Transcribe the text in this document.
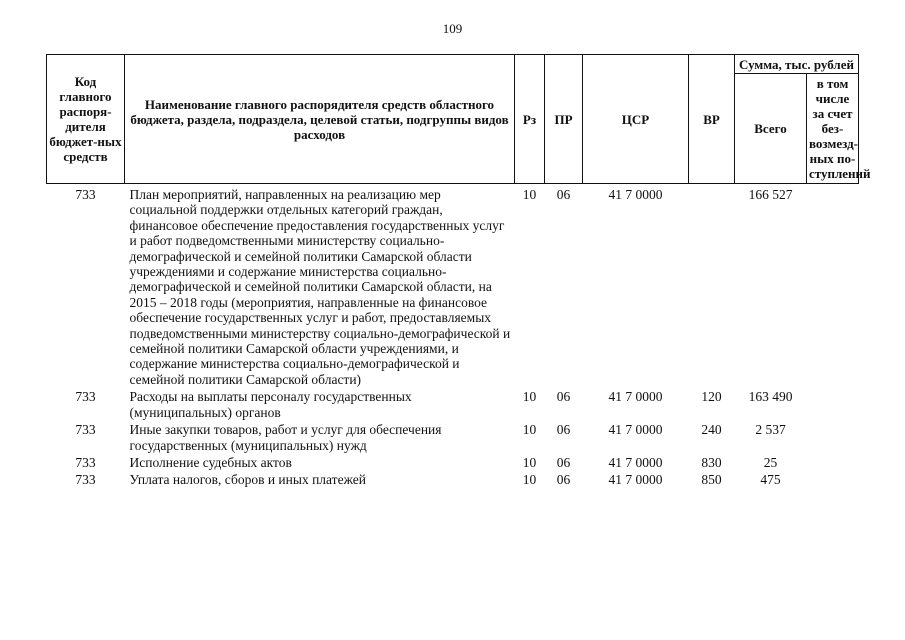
109
Код главного распоря-дителя бюджет-ных средств	Наименование главного распорядителя средств областного бюджета, раздела, подраздела, целевой статьи, подгруппы видов расходов	Рз	ПР	ЦСР	ВР	Сумма, тыс. рублей	
						Всего	в том числе за счет без-возмезд-ных по-ступлений
733	План мероприятий, направленных на реализацию мер социальной поддержки отдельных категорий граждан, финансовое обеспечение предоставления государственных услуг и работ подведомственными министерству социально-демографической и семейной политики Самарской области учреждениями и содержание министерства социально-демографической и семейной политики Самарской области, на 2015 – 2018 годы (мероприятия, направленные на финансовое обеспечение государственных услуг и работ, предоставляемых подведомственными министерству социально-демографической и семейной политики Самарской области учреждениями, и содержание министерства социально-демографической и семейной политики Самарской области)	10	06	41 7 0000		166 527	
733	Расходы на выплаты персоналу государственных (муниципальных) органов	10	06	41 7 0000	120	163 490	
733	Иные закупки товаров, работ и услуг для обеспечения государственных (муниципальных) нужд	10	06	41 7 0000	240	2 537	
733	Исполнение судебных актов	10	06	41 7 0000	830	25	
733	Уплата налогов, сборов и иных платежей	10	06	41 7 0000	850	475	
